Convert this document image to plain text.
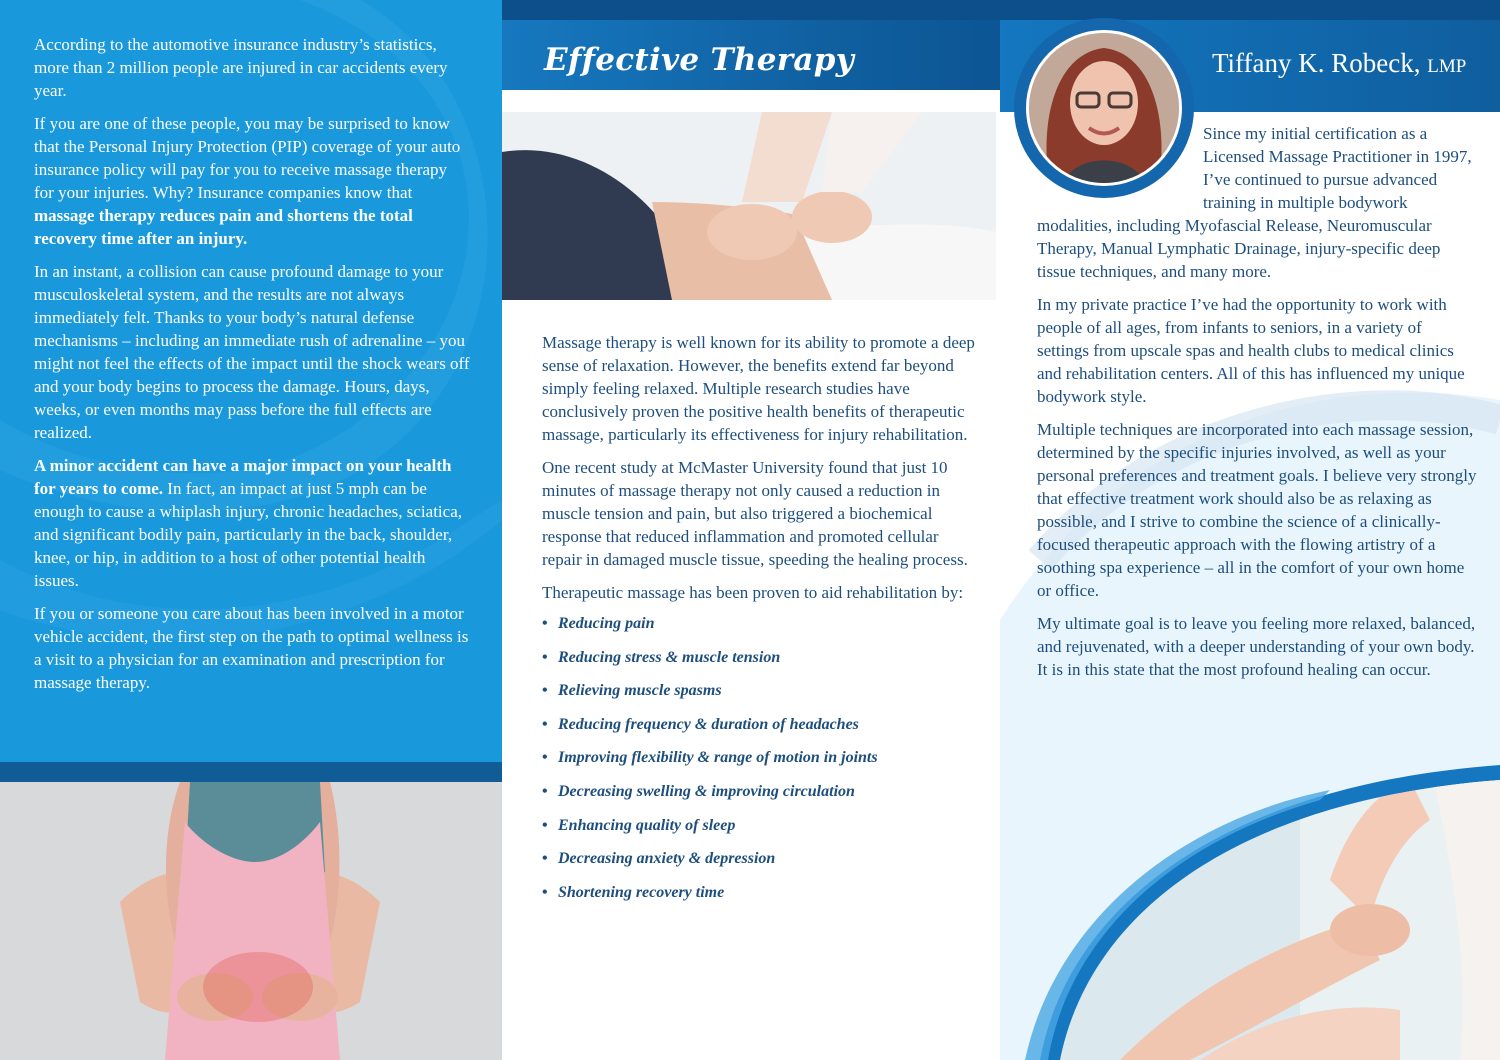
According to the automotive insurance industry’s statistics, more than 2 million people are injured in car accidents every year.

If you are one of these people, you may be surprised to know that the Personal Injury Protection (PIP) coverage of your auto insurance policy will pay for you to receive massage therapy for your injuries. Why? Insurance companies know that massage therapy reduces pain and shortens the total recovery time after an injury.

In an instant, a collision can cause profound damage to your musculoskeletal system, and the results are not always immediately felt. Thanks to your body’s natural defense mechanisms – including an immediate rush of adrenaline – you might not feel the effects of the impact until the shock wears off and your body begins to process the damage. Hours, days, weeks, or even months may pass before the full effects are realized.

A minor accident can have a major impact on your health for years to come. In fact, an impact at just 5 mph can be enough to cause a whiplash injury, chronic headaches, sciatica, and significant bodily pain, particularly in the back, shoulder, knee, or hip, in addition to a host of other potential health issues.

If you or someone you care about has been involved in a motor vehicle accident, the first step on the path to optimal wellness is a visit to a physician for an examination and prescription for massage therapy.

Effective Therapy

Massage therapy is well known for its ability to promote a deep sense of relaxation. However, the benefits extend far beyond simply feeling relaxed. Multiple research studies have conclusively proven the positive health benefits of therapeutic massage, particularly its effectiveness for injury rehabilitation.

One recent study at McMaster University found that just 10 minutes of massage therapy not only caused a reduction in muscle tension and pain, but also triggered a biochemical response that reduced inflammation and promoted cellular repair in damaged muscle tissue, speeding the healing process.

Therapeutic massage has been proven to aid rehabilitation by:

• Reducing pain
• Reducing stress & muscle tension
• Relieving muscle spasms
• Reducing frequency & duration of headaches
• Improving flexibility & range of motion in joints
• Decreasing swelling & improving circulation
• Enhancing quality of sleep
• Decreasing anxiety & depression
• Shortening recovery time
Tiffany K. Robeck, LMP

Since my initial certification as a Licensed Massage Practitioner in 1997, I’ve continued to pursue advanced training in multiple bodywork modalities, including Myofascial Release, Neuromuscular Therapy, Manual Lymphatic Drainage, injury-specific deep tissue techniques, and many more.

In my private practice I’ve had the opportunity to work with people of all ages, from infants to seniors, in a variety of settings from upscale spas and health clubs to medical clinics and rehabilitation centers. All of this has influenced my unique bodywork style.

Multiple techniques are incorporated into each massage session, determined by the specific injuries involved, as well as your personal preferences and treatment goals. I believe very strongly that effective treatment work should also be as relaxing as possible, and I strive to combine the science of a clinically-focused therapeutic approach with the flowing artistry of a soothing spa experience – all in the comfort of your own home or office.

My ultimate goal is to leave you feeling more relaxed, balanced, and rejuvenated, with a deeper understanding of your own body. It is in this state that the most profound healing can occur.
